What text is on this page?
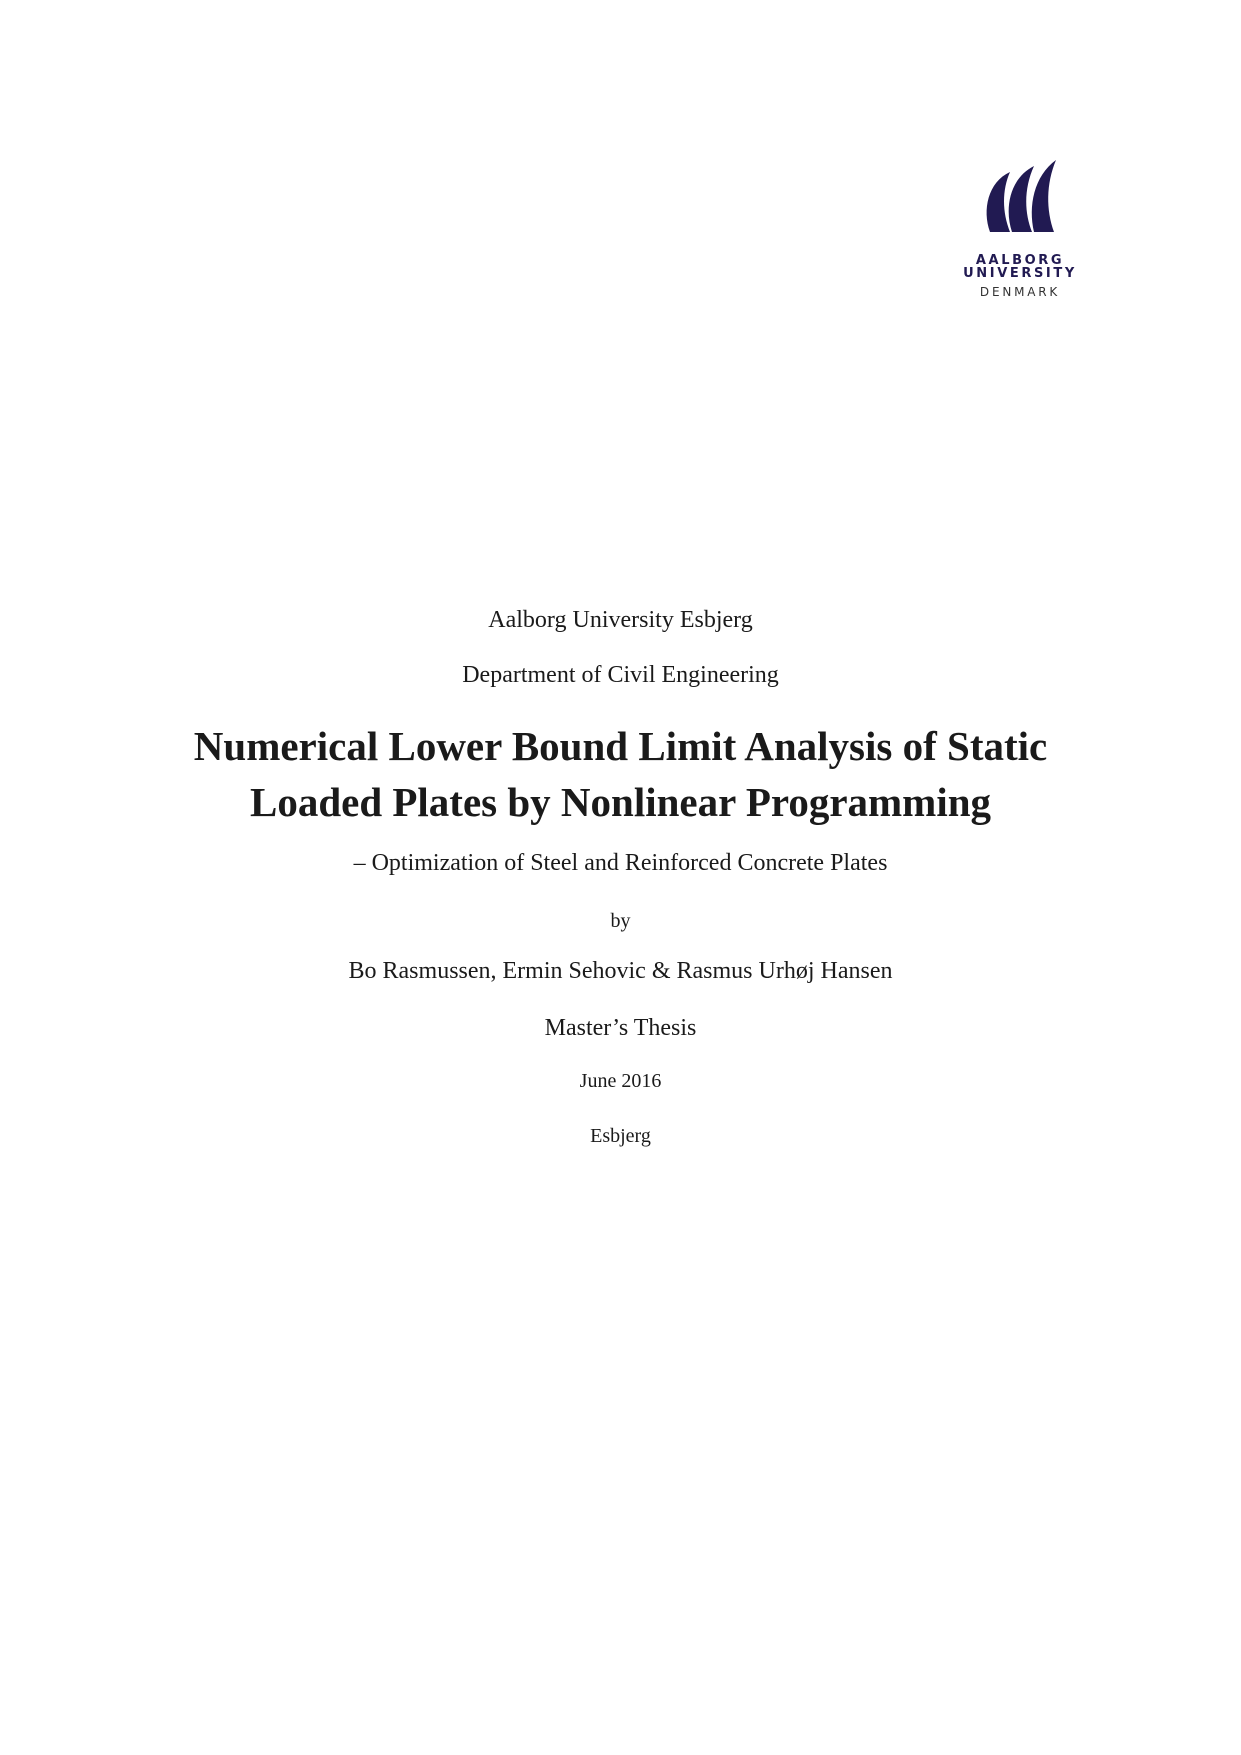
AALBORG UNIVERSITY
DENMARK
Aalborg University Esbjerg
Department of Civil Engineering
Numerical Lower Bound Limit Analysis of Static
Loaded Plates by Nonlinear Programming
– Optimization of Steel and Reinforced Concrete Plates
by
Bo Rasmussen, Ermin Sehovic & Rasmus Urhøj Hansen
Master’s Thesis
June 2016
Esbjerg
